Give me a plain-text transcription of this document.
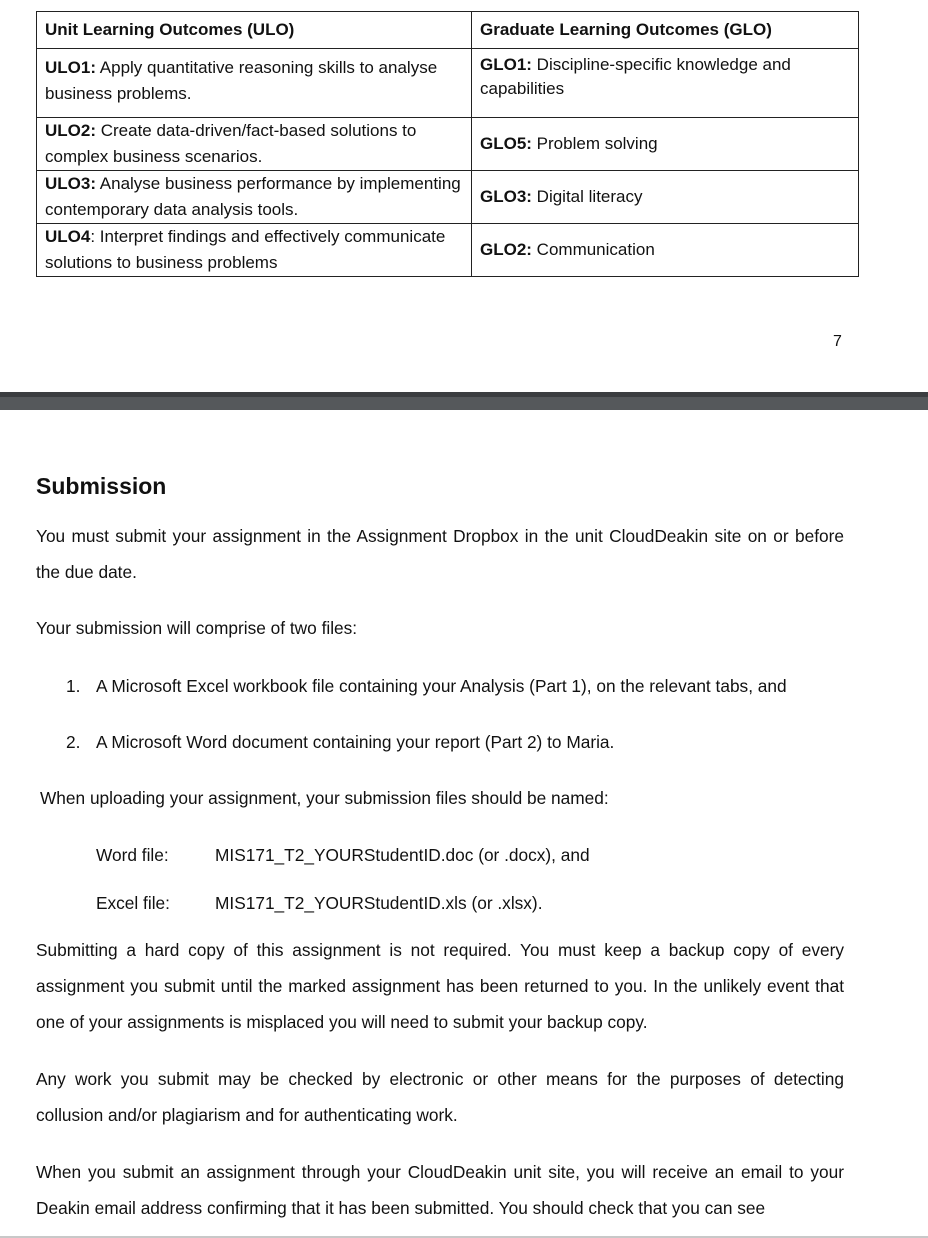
Unit Learning Outcomes (ULO)	Graduate Learning Outcomes (GLO)
ULO1: Apply quantitative reasoning skills to analyse business problems.	GLO1: Discipline-specific knowledge and capabilities
ULO2: Create data-driven/fact-based solutions to complex business scenarios.	GLO5: Problem solving
ULO3: Analyse business performance by implementing contemporary data analysis tools.	GLO3: Digital literacy
ULO4: Interpret findings and effectively communicate solutions to business problems	GLO2: Communication
7
Submission

You must submit your assignment in the Assignment Dropbox in the unit CloudDeakin site on or before the due date.

Your submission will comprise of two files:

1. A Microsoft Excel workbook file containing your Analysis (Part 1), on the relevant tabs, and
2. A Microsoft Word document containing your report (Part 2) to Maria.

When uploading your assignment, your submission files should be named:

Word file:	MIS171_T2_YOURStudentID.doc (or .docx), and
Excel file:	MIS171_T2_YOURStudentID.xls (or .xlsx).

Submitting a hard copy of this assignment is not required. You must keep a backup copy of every assignment you submit until the marked assignment has been returned to you. In the unlikely event that one of your assignments is misplaced you will need to submit your backup copy.

Any work you submit may be checked by electronic or other means for the purposes of detecting collusion and/or plagiarism and for authenticating work.

When you submit an assignment through your CloudDeakin unit site, you will receive an email to your Deakin email address confirming that it has been submitted. You should check that you can see
